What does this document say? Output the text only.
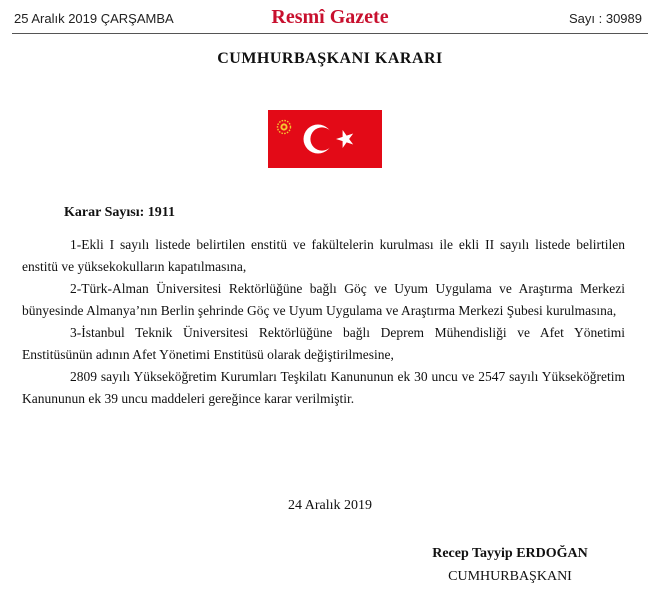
25 Aralık 2019 ÇARŞAMBA	Resmî Gazete	Sayı : 30989
CUMHURBAŞKANI KARARI
Karar Sayısı: 1911
1-Ekli I sayılı listede belirtilen enstitü ve fakültelerin kurulması ile ekli II sayılı listede belirtilen enstitü ve yüksekokulların kapatılmasına,
2-Türk-Alman Üniversitesi Rektörlüğüne bağlı Göç ve Uyum Uygulama ve Araştırma Merkezi bünyesinde Almanya’nın Berlin şehrinde Göç ve Uyum Uygulama ve Araştırma Merkezi Şubesi kurulmasına,
3-İstanbul Teknik Üniversitesi Rektörlüğüne bağlı Deprem Mühendisliği ve Afet Yönetimi Enstitüsünün adının Afet Yönetimi Enstitüsü olarak değiştirilmesine,
2809 sayılı Yükseköğretim Kurumları Teşkilatı Kanununun ek 30 uncu ve 2547 sayılı Yükseköğretim Kanununun ek 39 uncu maddeleri gereğince karar verilmiştir.
24 Aralık 2019
Recep Tayyip ERDOĞAN
CUMHURBAŞKANI
